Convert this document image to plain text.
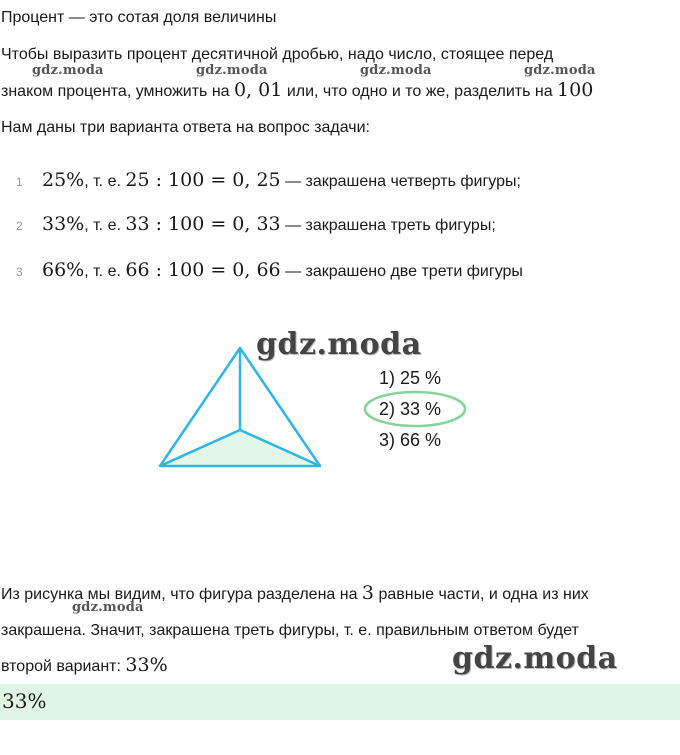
Процент — это сотая доля величины
Чтобы выразить процент десятичной дробью, надо число, стоящее перед
знаком процента, умножить на 0, 01 или, что одно и то же, разделить на 100
Нам даны три варианта ответа на вопрос задачи:
1 25%, т. е. 25 : 100 = 0, 25 — закрашена четверть фигуры;
2 33%, т. е. 33 : 100 = 0, 33 — закрашена треть фигуры;
3 66%, т. е. 66 : 100 = 0, 66 — закрашено две трети фигуры
1) 25 %
2) 33 %
3) 66 %
Из рисунка мы видим, что фигура разделена на 3 равные части, и одна из них
закрашена. Значит, закрашена треть фигуры, т. е. правильным ответом будет
второй вариант: 33%
33%
gdz.moda	gdz.moda	gdz.moda	gdz.moda
gdz.moda
gdz.moda
gdz.moda
